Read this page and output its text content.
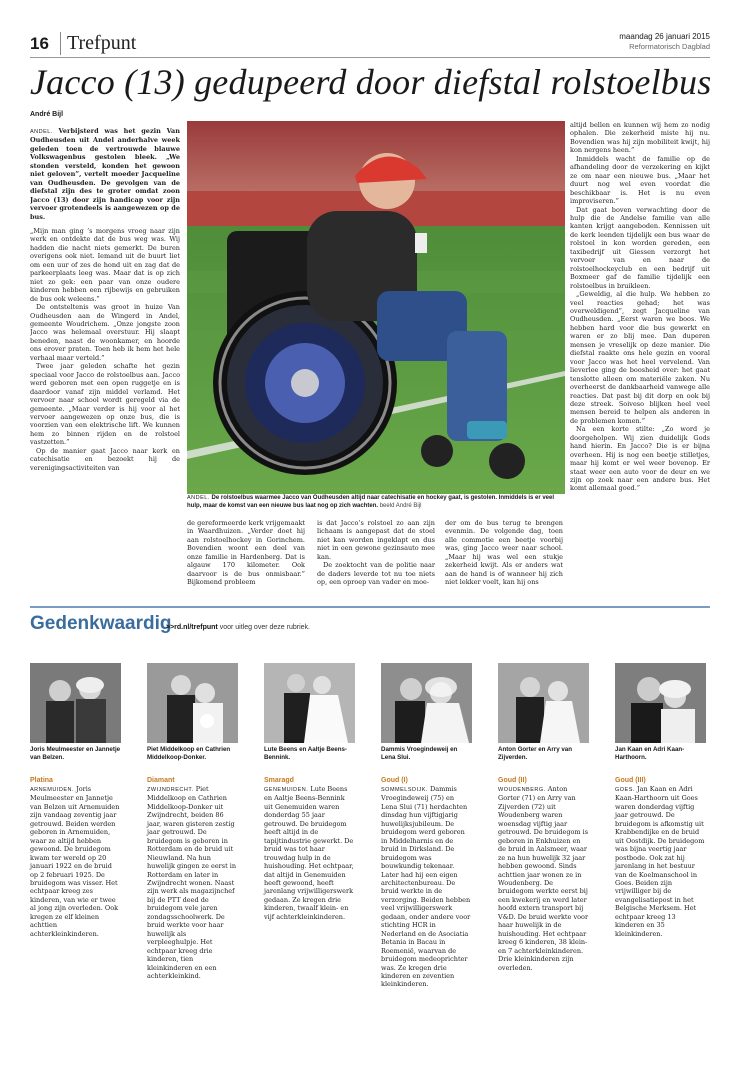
16 Trefpunt	maandag 26 januari 2015
Reformatorisch Dagblad
Jacco (13) gedupeerd door diefstal rolstoelbus
André Bijl

ANDEL. Verbijsterd was het gezin Van Oudheusden uit Andel anderhalve week geleden toen de vertrouwde blauwe Volkswagenbus gestolen bleek. „We stonden versteld, konden het gewoon niet geloven”, vertelt moeder Jacqueline van Oudheusden. De gevolgen van de diefstal zijn des te groter omdat zoon Jacco (13) door zijn handicap voor zijn vervoer grotendeels is aangewezen op de bus.

„Mijn man ging ’s morgens vroeg naar zijn werk en ontdekte dat de bus weg was. Wij hadden die nacht niets gemerkt. De buren overigens ook niet. Iemand uit de buurt liet om een uur of zes de hond uit en zag dat de parkeerplaats leeg was. Maar dat is op zich niet zo gek: een paar van onze oudere kinderen hebben een rijbewijs en gebruiken de bus ook weleens.”

De ontsteltenis was groot in huize Van Oudheusden aan de Wingerd in Andel, gemeente Woudrichem. „Onze jongste zoon Jacco was helemaal overstuur. Hij slaapt beneden, naast de woonkamer, en hoorde ons erover praten. Toen heb ik hem het hele verhaal maar verteld.”

Twee jaar geleden schafte het gezin speciaal voor Jacco de rolstoelbus aan. Jacco werd geboren met een open ruggetje en is daardoor vanaf zijn middel verlamd. Het vervoer naar school wordt geregeld via de gemeente. „Maar verder is hij voor al het vervoer aangewezen op onze bus, die is voorzien van een elektrische lift. We kunnen hem zo binnen rijden en de rolstoel vastzetten.”

Op de manier gaat Jacco naar kerk en catechisatie en bezoekt hij de verenigingsactiviteiten van

ANDEL. De rolstoelbus waarmee Jacco van Oudheusden altijd naar catechisatie en hockey gaat, is gestolen. Inmiddels is er veel hulp, maar de komst van een nieuwe bus laat nog op zich wachten. beeld André Bijl

de gereformeerde kerk vrijgemaakt in Waardhuizen. „Verder doet hij aan rolstoelhockey in Gorinchem. Bovendien woont een deel van onze familie in Hardenberg. Dat is algauw 170 kilometer. Ook daarvoor is de bus onmisbaar.” Bijkomend probleem

is dat Jacco’s rolstoel zo aan zijn lichaam is aangepast dat de stoel niet kan worden ingeklapt en dus niet in een gewone gezinsauto mee kan.

De zoektocht van de politie naar de daders leverde tot nu toe niets op, een oproep van vader en moe-

der om de bus terug te brengen evenmin. De volgende dag, toen alle commotie een beetje voorbij was, ging Jacco weer naar school. „Maar hij was wel een stukje zekerheid kwijt. Als er anders wat aan de hand is of wanneer hij zich niet lekker voelt, kan hij ons

altijd bellen en kunnen wij hem zo nodig ophalen. Die zekerheid miste hij nu. Bovendien was hij zijn mobiliteit kwijt, hij kon nergens heen.”

Inmiddels wacht de familie op de afhandeling door de verzekering en kijkt ze om naar een nieuwe bus. „Maar het duurt nog wel even voordat die beschikbaar is. Het is nu even improviseren.”

Dat gaat boven verwachting door de hulp die de Andelse familie van alle kanten krijgt aangeboden. Kennissen uit de kerk leenden tijdelijk een bus waar de rolstoel in kon worden gereden, een taxibedrijf uit Giessen verzorgt het vervoer van en naar de rolstoelhockeyclub en een bedrijf uit Boxmeer gaf de familie tijdelijk een rolstoelbus in bruikleen.

„Geweldig, al die hulp. We hebben zo veel reacties gehad; het was overweldigend”, zegt Jacqueline van Oudheusden. „Eerst waren we boos. We hebben hard voor die bus gewerkt en waren er zo blij mee. Dan duperen mensen je vreselijk op deze manier. Die diefstal raakte ons hele gezin en vooral voor Jacco was het heel vervelend. Van lieverlee ging de boosheid over: het gaat tenslotte alleen om materiële zaken. Nu overheerst de dankbaarheid vanwege alle reacties. Dat past bij dit dorp en ook bij deze streek. Soiveso blijken heel veel mensen bereid te helpen als anderen in de problemen komen.”

Na een korte stilte: „Zo word je doorgeholpen. Wij zien duidelijk Gods hand hierin. En Jacco? Die is er bijna overheen. Hij is nog een beetje stilletjes, maar hij komt er wel weer bovenop. Er staat weer een auto voor de deur en we zijn op zoek naar een andere bus. Het komt allemaal goed.”

Gedenkwaardig
>>rd.nl/trefpunt voor uitleg over deze rubriek.
Joris Meulmeester en Jannetje van Belzen.
Platina
ARNEMUIDEN. Joris Meulmeester en Jannetje van Belzen uit Arnemuiden zijn vandaag zeventig jaar getrouwd. Beiden werden geboren in Arnemuiden, waar ze altijd hebben gewoond. De bruidegom kwam ter wereld op 20 januari 1922 en de bruid op 2 februari 1925. De bruidegom was visser. Het echtpaar kreeg zes kinderen, van wie er twee al jong zijn overleden. Ook kregen ze elf kleinen achttien achterkleinkinderen.
Piet Middelkoop en Cathrien Middelkoop-Donker.
Diamant
ZWIJNDRECHT. Piet Middelkoop en Cathrien Middelkoop-Donker uit Zwijndrecht, beiden 86 jaar, waren gisteren zestig jaar getrouwd. De bruidegom is geboren in Rotterdam en de bruid uit Nieuwland. Na hun huwelijk gingen ze eerst in Rotterdam en later in Zwijndrecht wonen. Naast zijn werk als magazijnchef bij de PTT deed de bruidegom vele jaren zondagsschoolwerk. De bruid werkte voor haar huwelijk als verpleeghulpje. Het echtpaar kreeg drie kinderen, tien kleinkinderen en een achterkleinkind.
Lute Beens en Aaltje Beens-Bennink.
Smaragd
GENEMUIDEN. Lute Beens en Aaltje Beens-Bennink uit Genemuiden waren donderdag 55 jaar getrouwd. De bruidegom heeft altijd in de tapijtindustrie gewerkt. De bruid was tot haar trouwdag hulp in de huishouding. Het echtpaar, dat altijd in Genemuiden heeft gewoond, heeft jarenlang vrijwilligerswerk gedaan. Ze kregen drie kinderen, twaalf klein- en vijf achterkleinkinderen.
Dammis Vroegindeweij en Lena Slui.
Goud (I)
SOMMELSDIJK. Dammis Vroegindeweij (75) en Lena Slui (71) herdachten dinsdag hun vijftigjarig huwelijksjubileum. De bruidegom werd geboren in Middelharnis en de bruid in Dirksland. De bruidegom was bouwkundig tekenaar. Later had hij een eigen architectenbureau. De bruid werkte in de verzorging. Beiden hebben veel vrijwilligerswerk gedaan, onder andere voor stichting HCR in Nederland en de Asociatia Betania in Bacau in Roemenië, waarvan de bruidegom medeoprichter was. Ze kregen drie kinderen en zeventien kleinkinderen.
Anton Gorter en Arry van Zijverden.
Goud (II)
WOUDENBERG. Anton Gorter (71) en Arry van Zijverden (72) uit Woudenberg waren woensdag vijftig jaar getrouwd. De bruidegom is geboren in Enkhuizen en de bruid in Aalsmeer, waar ze na hun huwelijk 32 jaar hebben gewoond. Sinds achttien jaar wonen ze in Woudenberg. De bruidegom werkte eerst bij een kwekerij en werd later hoofd extern transport bij V&D. De bruid werkte voor haar huwelijk in de huishouding. Het echtpaar kreeg 6 kinderen, 38 klein- en 7 achterkleinkinderen. Drie kleinkinderen zijn overleden.
Jan Kaan en Adri Kaan-Harthoorn.
Goud (III)
GOES. Jan Kaan en Adri Kaan-Harthoorn uit Goes waren donderdag vijftig jaar getrouwd. De bruidegom is afkomstig uit Krabbendijke en de bruid uit Oostdijk. De bruidegom was bijna veertig jaar postbode. Ook zat hij jarenlang in het bestuur van de Koelmanschool in Goes. Beiden zijn vrijwilliger bij de evangelisatiepost in het Belgische Merksem. Het echtpaar kreeg 13 kinderen en 35 kleinkinderen.
